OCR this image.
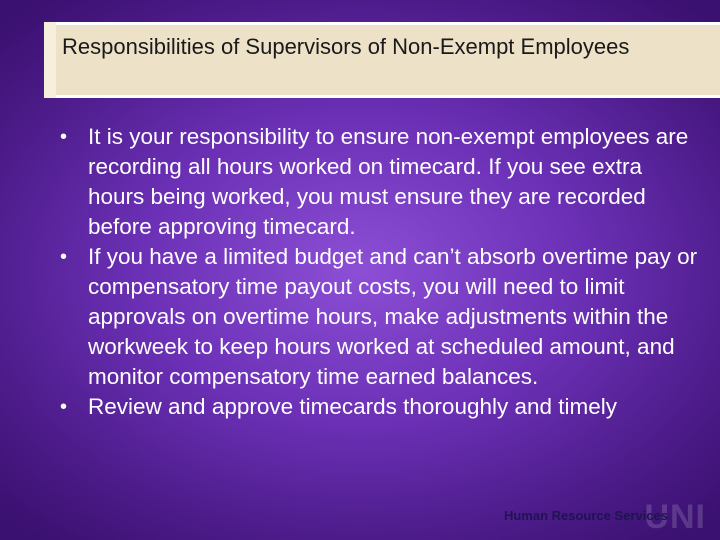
Responsibilities of Supervisors of Non-Exempt Employees
• It is your responsibility to ensure non-exempt employees are recording all hours worked on timecard. If you see extra hours being worked, you must ensure they are recorded before approving timecard.
• If you have a limited budget and can’t absorb overtime pay or compensatory time payout costs, you will need to limit approvals on overtime hours, make adjustments within the workweek to keep hours worked at scheduled amount, and monitor compensatory time earned balances.
• Review and approve timecards thoroughly and timely
UNI
Human Resource Services
